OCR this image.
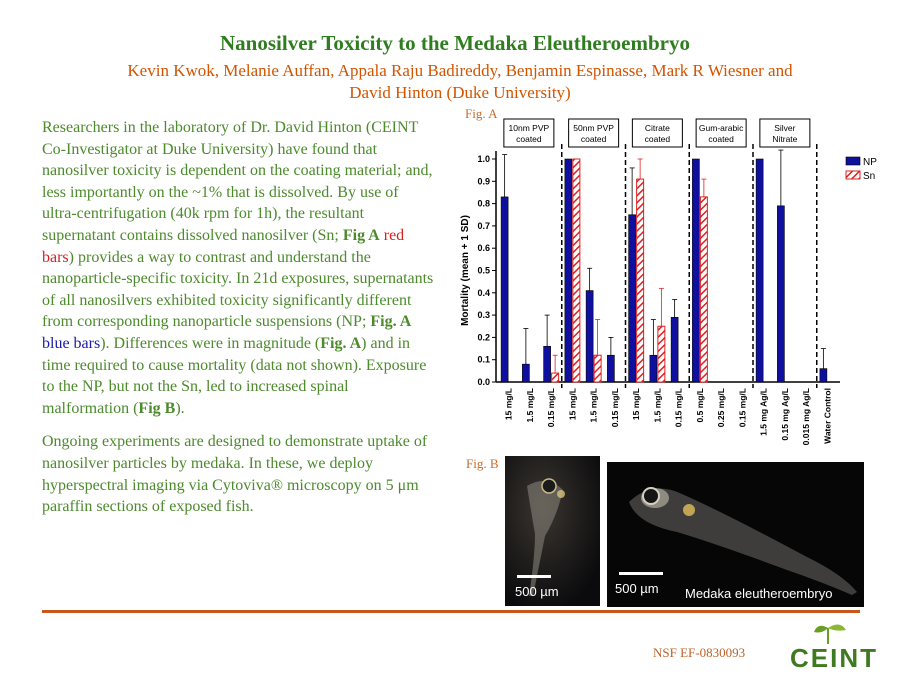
Nanosilver Toxicity to the Medaka Eleutheroembryo
Kevin Kwok, Melanie Auffan, Appala Raju Badireddy, Benjamin Espinasse, Mark R Wiesner and
David Hinton (Duke University)

Researchers in the laboratory of Dr. David Hinton (CEINT Co-Investigator at Duke University) have found that nanosilver toxicity is dependent on the coating material; and, less importantly on the ~1% that is dissolved. By use of ultra-centrifugation (40k rpm for 1h), the resultant supernatant contains dissolved nanosilver (Sn; Fig A red bars) provides a way to contrast and understand the nanoparticle-specific toxicity. In 21d exposures, supernatants of all nanosilvers exhibited toxicity significantly different from corresponding nanoparticle suspensions (NP; Fig. A blue bars). Differences were in magnitude (Fig. A) and in time required to cause mortality (data not shown). Exposure to the NP, but not the Sn, led to increased spinal malformation (Fig B).

Ongoing experiments are designed to demonstrate uptake of nanosilver particles by medaka. In these, we deploy hyperspectral imaging via Cytoviva® microscopy on 5 μm paraffin sections of exposed fish.

Fig. A
0.0
0.1
0.2
0.3
0.4
0.5
0.6
0.7
0.8
0.9
1.0
Mortality (mean + 1 SD)
15 mg/L 1.5 mg/L 0.15 mg/L 15 mg/L 1.5 mg/L 0.15 mg/L 15 mg/L 1.5 mg/L 0.15 mg/L 0.5 mg/L 0.25 mg/L 0.15 mg/L 1.5 mg Ag/L 0.15 mg Ag/L 0.015 mg Ag/L Water Control
10nm PVP
coated
50nm PVP
coated
Citrate
coated
Gum-arabic
coated
Silver
Nitrate
NP
Sn
Fig. B
500 µm	500 µm Medaka eleutheroembryo
NSF EF-0830093 CEINT
